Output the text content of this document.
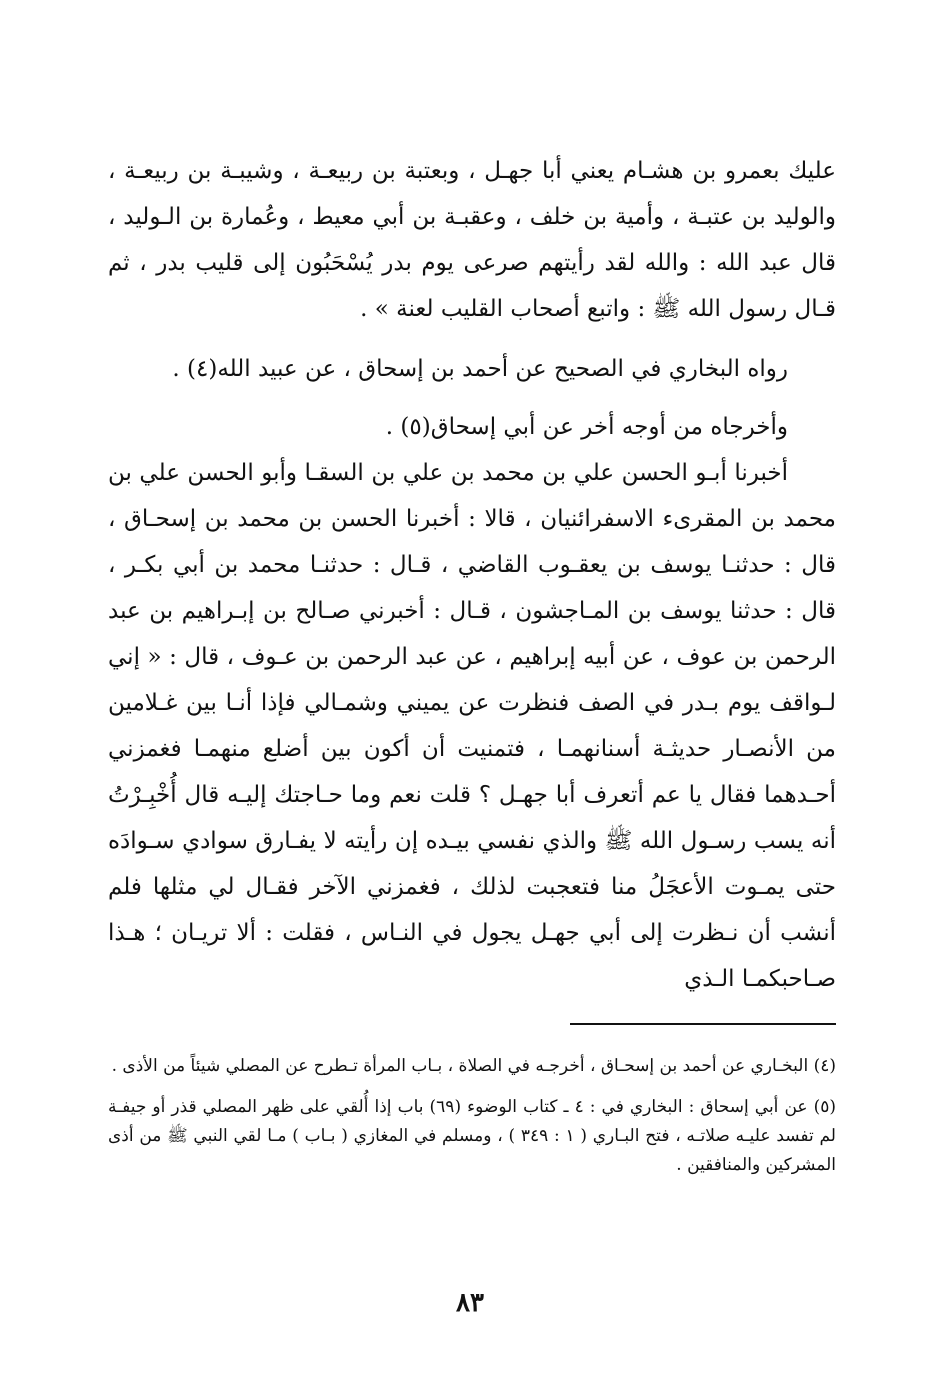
عليك بعمرو بن هشـام يعني أبا جهـل ، وبعتبة بن ربيعـة ، وشيبـة بن ربيعـة ، والوليد بن عتبـة ، وأمية بن خلف ، وعقبـة بن أبي معيط ، وعُمارة بن الـوليد ، قال عبد الله : والله لقد رأيتهم صرعى يوم بدر يُسْحَبُون إلى قليب بدر ، ثم قـال رسول الله ﷺ : واتبع أصحاب القليب لعنة » .

رواه البخاري في الصحيح عن أحمد بن إسحاق ، عن عبيد الله(٤) .

وأخرجاه من أوجه أخر عن أبي إسحاق(٥) .

أخبرنا أبـو الحسن علي بن محمد بن علي بن السقـا وأبو الحسن علي بن محمد بن المقرىء الاسفرائنيان ، قالا : أخبرنا الحسن بن محمد بن إسحـاق ، قال : حدثنـا يوسف بن يعقـوب القاضي ، قـال : حدثنـا محمد بن أبي بكـر ، قال : حدثنا يوسف بن المـاجشون ، قـال : أخبرني صـالح بن إبـراهيم بن عبد الرحمن بن عوف ، عن أبيه إبراهيم ، عن عبد الرحمن بن عـوف ، قال : « إني لـواقف يوم بـدر في الصف فنظرت عن يميني وشمـالي فإذا أنـا بين غـلامين من الأنصـار حديثـة أسنانهمـا ، فتمنيت أن أكون بين أضلع منهمـا فغمزني أحـدهما فقال يا عم أتعرف أبا جهـل ؟ قلت نعم وما حـاجتك إليـه قال أُخْبِـرْتُ أنه يسب رسـول الله ﷺ والذي نفسي بيـده إن رأيته لا يفـارق سوادي سـوادَه حتى يمـوت الأعجَلُ منا فتعجبت لذلك ، فغمزني الآخر فقـال لي مثلها فلم أنشب أن نـظرت إلى أبي جهـل يجول في النـاس ، فقلت : ألا تريـان ؛ هـذا صـاحبكمـا الـذي

(٤) البخـاري عن أحمد بن إسحـاق ، أخرجـه في الصلاة ، بـاب المرأة تـطرح عن المصلي شيئاً من الأذى .

(٥) عن أبي إسحاق : البخاري في : ٤ ـ كتاب الوضوء (٦٩) باب إذا أُلقي على ظهر المصلي قذر أو جيفـة لم تفسد عليـه صلاتـه ، فتح البـاري ( ١ : ٣٤٩ ) ، ومسلم في المغازي ( بـاب ) مـا لقي النبي ﷺ من أذى المشركين والمنافقين .

٨٣
